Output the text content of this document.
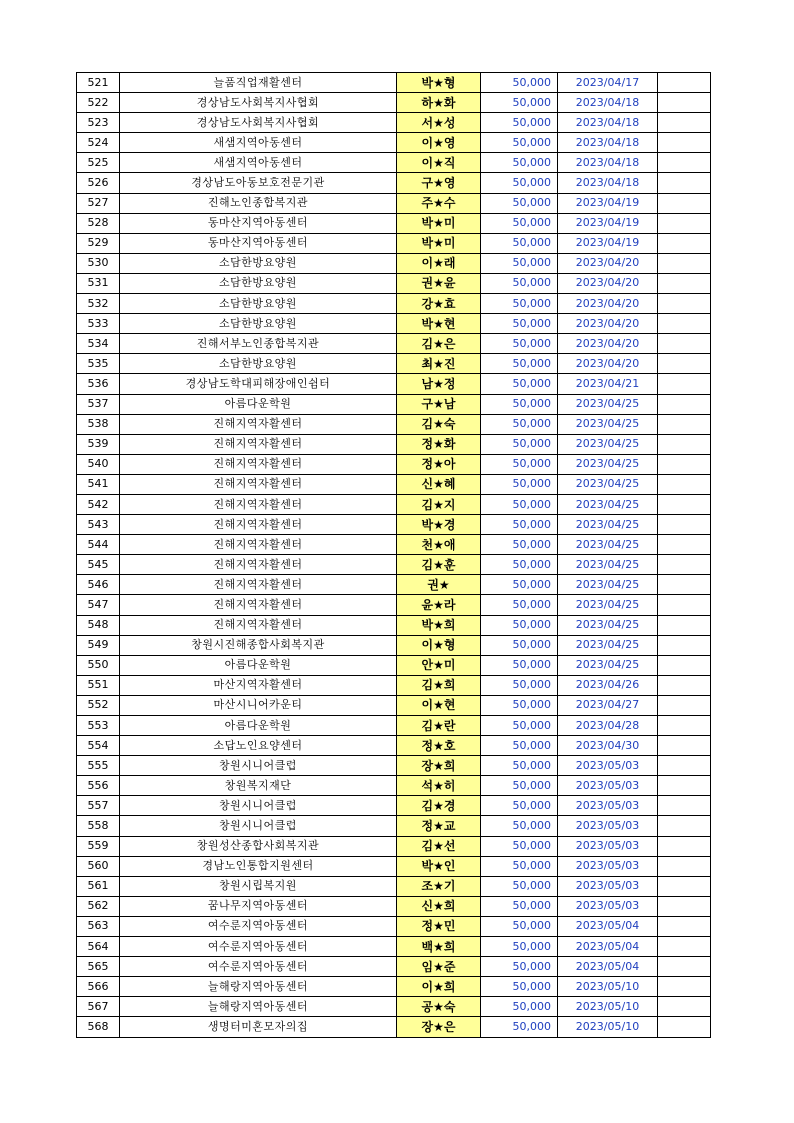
521	늘품직업재활센터	박★형	50,000	2023/04/17	
522	경상남도사회복지사협회	하★화	50,000	2023/04/18	
523	경상남도사회복지사협회	서★성	50,000	2023/04/18	
524	새샘지역아동센터	이★영	50,000	2023/04/18	
525	새샘지역아동센터	이★직	50,000	2023/04/18	
526	경상남도아동보호전문기관	구★영	50,000	2023/04/18	
527	진해노인종합복지관	주★수	50,000	2023/04/19	
528	동마산지역아동센터	박★미	50,000	2023/04/19	
529	동마산지역아동센터	박★미	50,000	2023/04/19	
530	소담한방요양원	이★래	50,000	2023/04/20	
531	소담한방요양원	권★윤	50,000	2023/04/20	
532	소담한방요양원	강★효	50,000	2023/04/20	
533	소담한방요양원	박★현	50,000	2023/04/20	
534	진해서부노인종합복지관	김★은	50,000	2023/04/20	
535	소담한방요양원	최★진	50,000	2023/04/20	
536	경상남도학대피해장애인쉼터	남★정	50,000	2023/04/21	
537	아름다운학원	구★남	50,000	2023/04/25	
538	진해지역자활센터	김★숙	50,000	2023/04/25	
539	진해지역자활센터	정★화	50,000	2023/04/25	
540	진해지역자활센터	정★아	50,000	2023/04/25	
541	진해지역자활센터	신★혜	50,000	2023/04/25	
542	진해지역자활센터	김★지	50,000	2023/04/25	
543	진해지역자활센터	박★경	50,000	2023/04/25	
544	진해지역자활센터	천★애	50,000	2023/04/25	
545	진해지역자활센터	김★훈	50,000	2023/04/25	
546	진해지역자활센터	권★	50,000	2023/04/25	
547	진해지역자활센터	윤★라	50,000	2023/04/25	
548	진해지역자활센터	박★희	50,000	2023/04/25	
549	창원시진해종합사회복지관	이★형	50,000	2023/04/25	
550	아름다운학원	안★미	50,000	2023/04/25	
551	마산지역자활센터	김★희	50,000	2023/04/26	
552	마산시니어카운티	이★현	50,000	2023/04/27	
553	아름다운학원	김★란	50,000	2023/04/28	
554	소답노인요양센터	정★호	50,000	2023/04/30	
555	창원시니어클럽	장★희	50,000	2023/05/03	
556	창원복지재단	석★히	50,000	2023/05/03	
557	창원시니어클럽	김★경	50,000	2023/05/03	
558	창원시니어클럽	정★교	50,000	2023/05/03	
559	창원성산종합사회복지관	김★선	50,000	2023/05/03	
560	경남노인통합지원센터	박★인	50,000	2023/05/03	
561	창원시립복지원	조★기	50,000	2023/05/03	
562	꿈나무지역아동센터	신★희	50,000	2023/05/03	
563	여수룬지역아동센터	정★민	50,000	2023/05/04	
564	여수룬지역아동센터	백★희	50,000	2023/05/04	
565	여수룬지역아동센터	임★준	50,000	2023/05/04	
566	늘해랑지역아동센터	이★희	50,000	2023/05/10	
567	늘해랑지역아동센터	공★숙	50,000	2023/05/10	
568	생명터미혼모자의집	장★은	50,000	2023/05/10	
